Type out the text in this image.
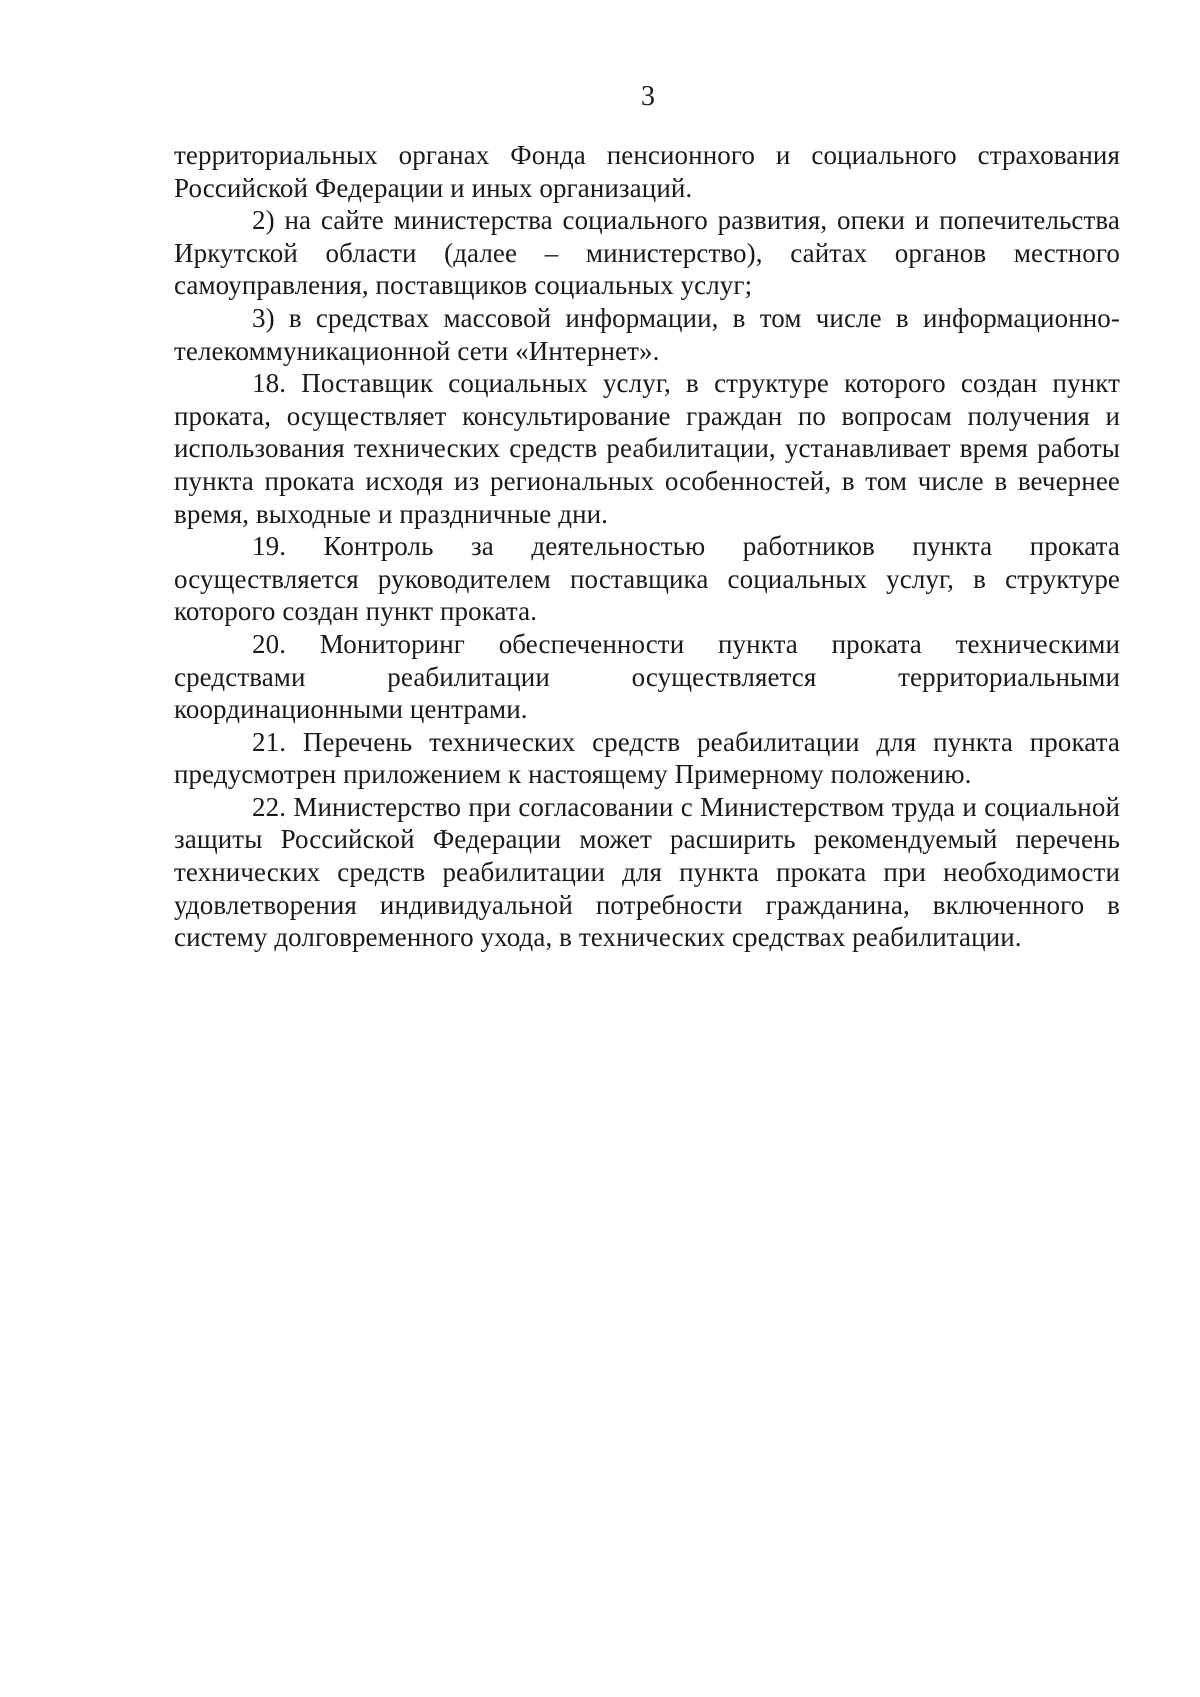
3

территориальных органах Фонда пенсионного и социального страхования Российской Федерации и иных организаций.

2) на сайте министерства социального развития, опеки и попечительства Иркутской области (далее – министерство), сайтах органов местного самоуправления, поставщиков социальных услуг;

3) в средствах массовой информации, в том числе в информационно-телекоммуникационной сети «Интернет».

18. Поставщик социальных услуг, в структуре которого создан пункт проката, осуществляет консультирование граждан по вопросам получения и использования технических средств реабилитации, устанавливает время работы пункта проката исходя из региональных особенностей, в том числе в вечернее время, выходные и праздничные дни.

19. Контроль за деятельностью работников пункта проката осуществляется руководителем поставщика социальных услуг, в структуре которого создан пункт проката.

20. Мониторинг обеспеченности пункта проката техническими средствами реабилитации осуществляется территориальными координационными центрами.

21. Перечень технических средств реабилитации для пункта проката предусмотрен приложением к настоящему Примерному положению.

22. Министерство при согласовании с Министерством труда и социальной защиты Российской Федерации может расширить рекомендуемый перечень технических средств реабилитации для пункта проката при необходимости удовлетворения индивидуальной потребности гражданина, включенного в систему долговременного ухода, в технических средствах реабилитации.
